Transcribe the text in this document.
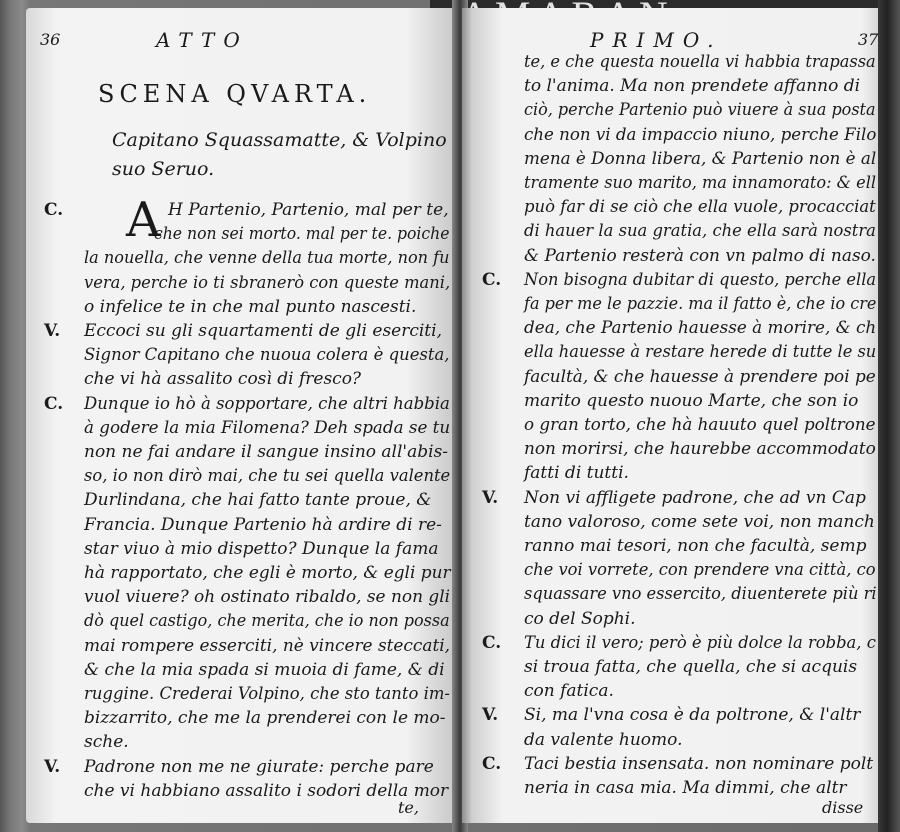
36	ATTO
SCENA QVARTA.
Capitano Squassamatte, & Volpino suo Seruo.
A
C.	H Partenio, Partenio, mal per te,
che non sei morto. mal per te. poiche
la nouella, che venne della tua morte, non fu
vera, perche io ti sbranerò con queste mani,
o infelice te in che mal punto nascesti.
V. Eccoci su gli squartamenti de gli eserciti,
Signor Capitano che nuoua colera è questa,
che vi hà assalito così di fresco?
C. Dunque io hò à sopportare, che altri habbia
à godere la mia Filomena? Deh spada se tu
non ne fai andare il sangue insino all'abis-
so, io non dirò mai, che tu sei quella valente
Durlindana, che hai fatto tante proue, &
Francia. Dunque Partenio hà ardire di re-
star viuo à mio dispetto? Dunque la fama
hà rapportato, che egli è morto, & egli pur
vuol viuere? oh ostinato ribaldo, se non gli
dò quel castigo, che merita, che io non possa
mai rompere esserciti, nè vincere steccati,
& che la mia spada si muoia di fame, & di
ruggine. Crederai Volpino, che sto tanto im-
bizzarrito, che me la prenderei con le mo-
sche.
V. Padrone non me ne giurate: perche pare
che vi habbiano assalito i sodori della mor
te,
PRIMO.	37
te, e che questa nouella vi habbia trapassa
to l'anima. Ma non prendete affanno di
ciò, perche Partenio può viuere à sua posta
che non vi da impaccio niuno, perche Filo
mena è Donna libera, & Partenio non è al
tramente suo marito, ma innamorato: & ell
può far di se ciò che ella vuole, procacciat
di hauer la sua gratia, che ella sarà nostra
& Partenio resterà con vn palmo di naso.
C. Non bisogna dubitar di questo, perche ella
fa per me le pazzie. ma il fatto è, che io cre
dea, che Partenio hauesse à morire, & ch
ella hauesse à restare herede di tutte le su
facultà, & che hauesse à prendere poi pe
marito questo nuouo Marte, che son io
o gran torto, che hà hauuto quel poltrone
non morirsi, che haurebbe accommodato
fatti di tutti.
V. Non vi affligete padrone, che ad vn Cap
tano valoroso, come sete voi, non manch
ranno mai tesori, non che facultà, semp
che voi vorrete, con prendere vna città, co
squassare vno essercito, diuenterete più ri
co del Sophi.
C. Tu dici il vero; però è più dolce la robba, c
si troua fatta, che quella, che si acquis
con fatica.
V. Si, ma l'vna cosa è da poltrone, & l'altr
da valente huomo.
C. Taci bestia insensata. non nominare polt
neria in casa mia. Ma dimmi, che altr
disse
